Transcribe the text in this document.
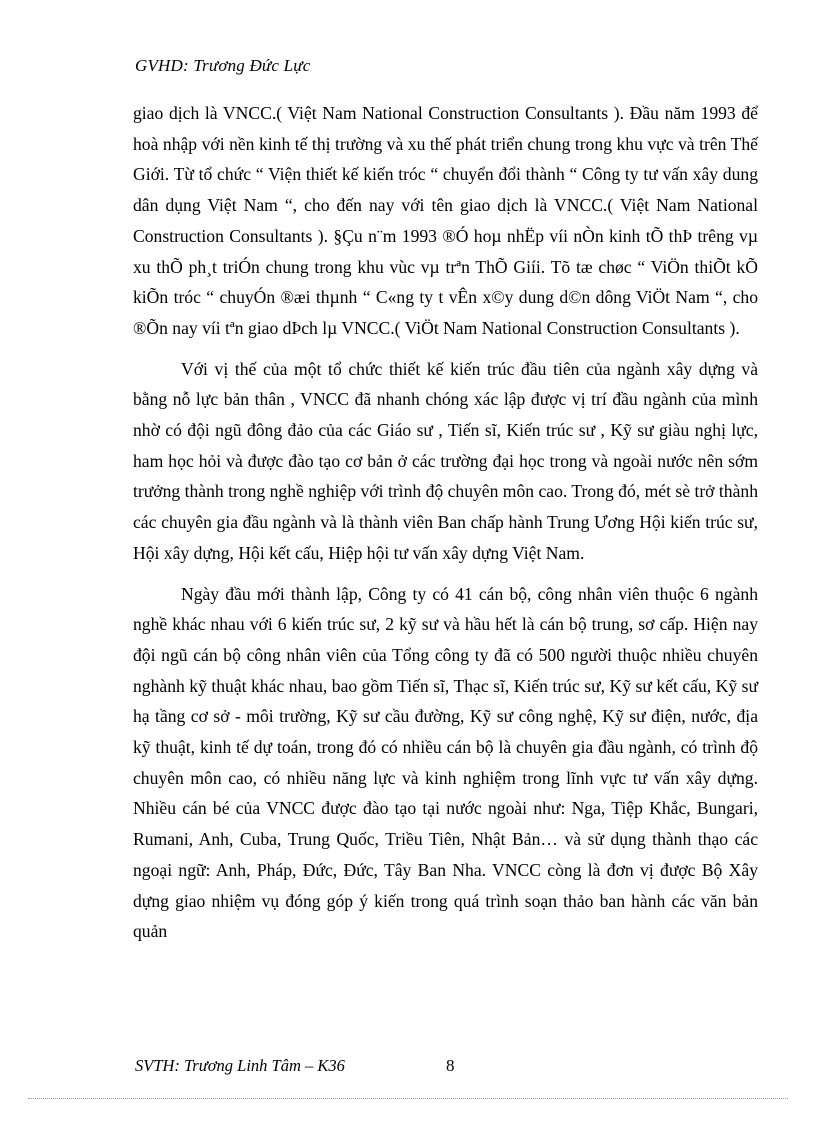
GVHD: Trương Đức Lực

giao dịch là VNCC.( Việt Nam National Construction Consultants ). Đầu năm 1993 để hoà nhập với nền kinh tế thị trường và xu thế phát triển chung trong khu vực và trên Thế Giới. Từ tổ chức “ Viện thiết kế kiến tróc “ chuyển đổi thành “ Công ty tư vấn xây dung dân dụng Việt Nam “, cho đến nay với tên giao dịch là VNCC.( Việt Nam National Construction Consultants ). §Çu n¨m 1993 ®Ó hoµ nhËp víi nÒn kinh tÕ thÞ trêng vµ xu thÕ ph¸t triÓn chung trong khu vùc vµ trªn ThÕ Giíi. Tõ tæ chøc “ ViÖn thiÕt kÕ kiÕn tróc “ chuyÓn ®æi thµnh “ C«ng ty t vÊn x©y dung d©n dông ViÖt Nam “, cho ®Õn nay víi tªn giao dÞch lµ VNCC.( ViÖt Nam National Construction Consultants ).

Với vị thế của một tổ chức thiết kế kiến trúc đầu tiên của ngành xây dựng và bằng nỗ lực bản thân , VNCC đã nhanh chóng xác lập được vị trí đầu ngành của mình nhờ có đội ngũ đông đảo của các Giáo sư , Tiến sĩ, Kiến trúc sư , Kỹ sư giàu nghị lực, ham học hỏi và được đào tạo cơ bản ở các trường đại học trong và ngoài nước nên sớm trưởng thành trong nghề nghiệp với trình độ chuyên môn cao. Trong đó, mét sè trở thành các chuyên gia đầu ngành và là thành viên Ban chấp hành Trung Ương Hội kiến trúc sư, Hội xây dựng, Hội kết cấu, Hiệp hội tư vấn xây dựng Việt Nam.

Ngày đầu mới thành lập, Công ty có 41 cán bộ, công nhân viên thuộc 6 ngành nghề khác nhau với 6 kiến trúc sư, 2 kỹ sư và hầu hết là cán bộ trung, sơ cấp. Hiện nay đội ngũ cán bộ công nhân viên của Tổng công ty đã có 500 người thuộc nhiều chuyên nghành kỹ thuật khác nhau, bao gồm Tiến sĩ, Thạc sĩ, Kiến trúc sư, Kỹ sư kết cấu, Kỹ sư hạ tầng cơ sở - môi trường, Kỹ sư cầu đường, Kỹ sư công nghệ, Kỹ sư điện, nước, địa kỹ thuật, kinh tế dự toán, trong đó có nhiều cán bộ là chuyên gia đầu ngành, có trình độ chuyên môn cao, có nhiều năng lực và kinh nghiệm trong lĩnh vực tư vấn xây dựng. Nhiều cán bé của VNCC được đào tạo tại nước ngoài như: Nga, Tiệp Khắc, Bungari, Rumani, Anh, Cuba, Trung Quốc, Triều Tiên, Nhật Bản… và sử dụng thành thạo các ngoại ngữ: Anh, Pháp, Đức, Đức, Tây Ban Nha. VNCC còng là đơn vị được Bộ Xây dựng giao nhiệm vụ đóng góp ý kiến trong quá trình soạn thảo ban hành các văn bản quản

SVTH: Trương Linh Tâm – K36	8
